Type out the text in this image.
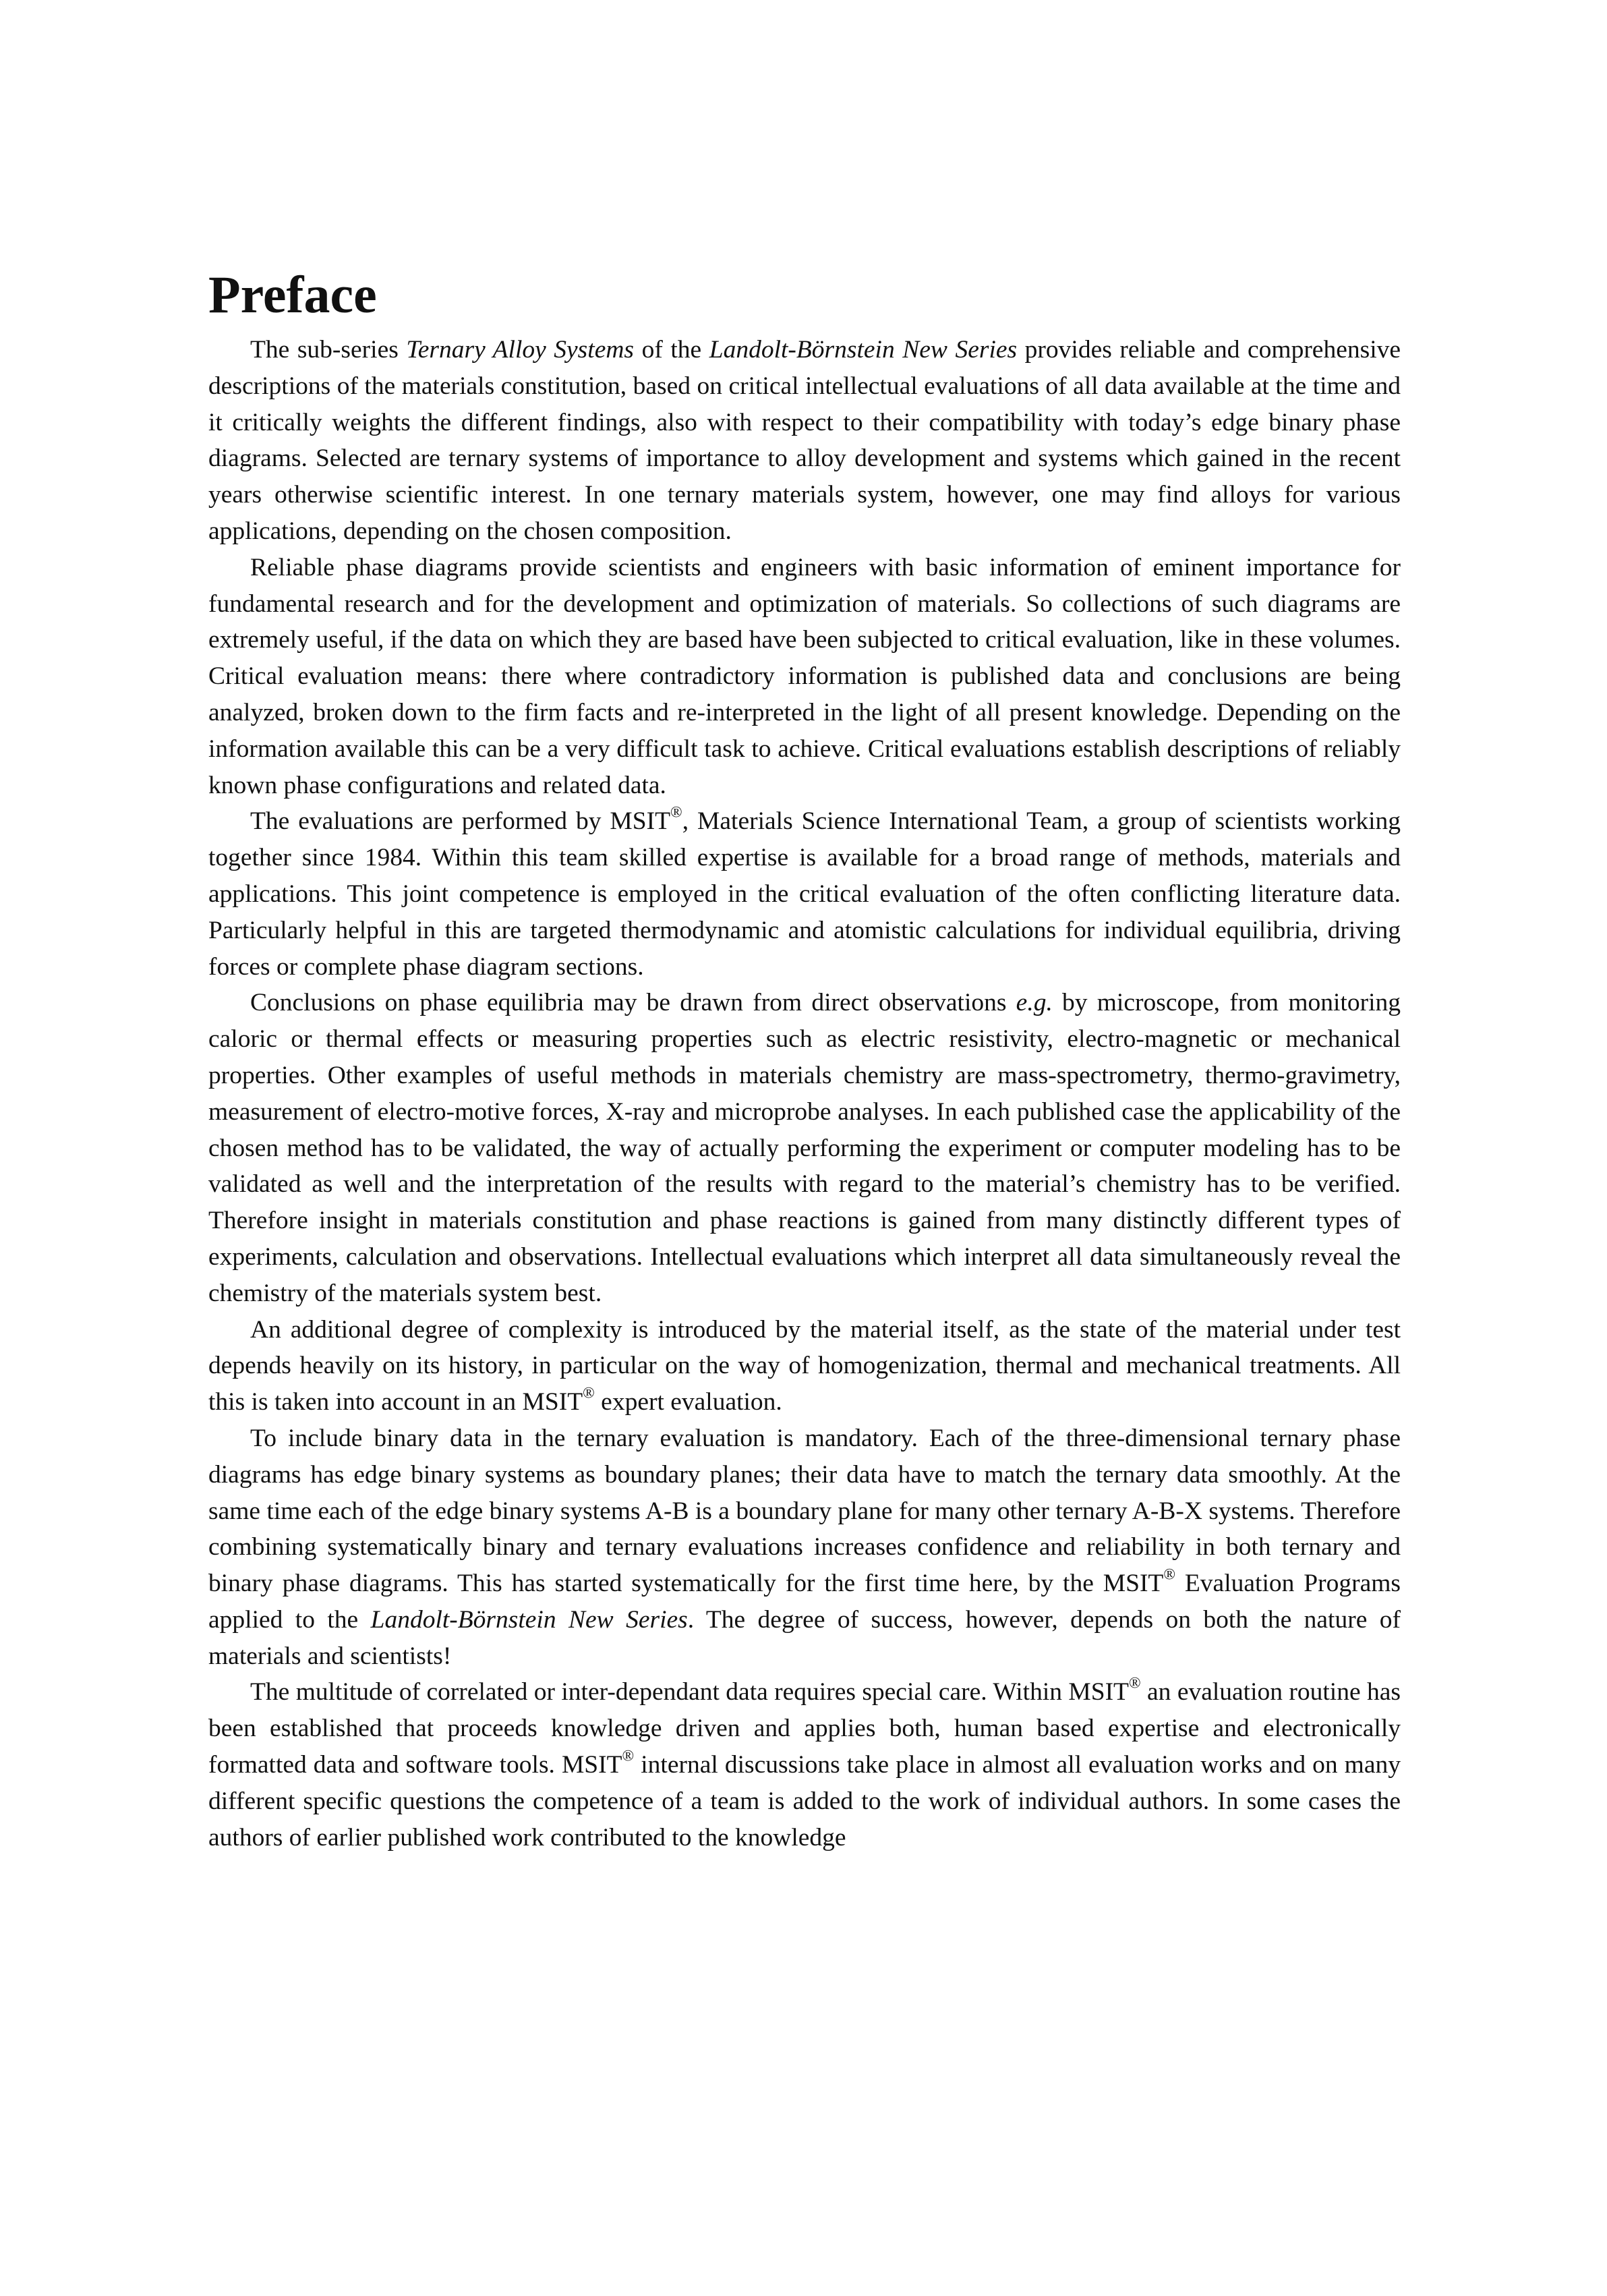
Preface

The sub-series Ternary Alloy Systems of the Landolt-Börnstein New Series provides reliable and comprehensive descriptions of the materials constitution, based on critical intellectual evaluations of all data available at the time and it critically weights the different findings, also with respect to their compatibility with today’s edge binary phase diagrams. Selected are ternary systems of importance to alloy development and systems which gained in the recent years otherwise scientific interest. In one ternary materials system, however, one may find alloys for various applications, depending on the chosen composition.

Reliable phase diagrams provide scientists and engineers with basic information of eminent importance for fundamental research and for the development and optimization of materials. So collections of such diagrams are extremely useful, if the data on which they are based have been subjected to critical evaluation, like in these volumes. Critical evaluation means: there where contradictory information is published data and conclusions are being analyzed, broken down to the firm facts and re-interpreted in the light of all present knowledge. Depending on the information available this can be a very difficult task to achieve. Critical evaluations establish descriptions of reliably known phase configurations and related data.

The evaluations are performed by MSIT®, Materials Science International Team, a group of scientists working together since 1984. Within this team skilled expertise is available for a broad range of methods, materials and applications. This joint competence is employed in the critical evaluation of the often conflicting literature data. Particularly helpful in this are targeted thermodynamic and atomistic calculations for individual equilibria, driving forces or complete phase diagram sections.

Conclusions on phase equilibria may be drawn from direct observations e.g. by microscope, from monitoring caloric or thermal effects or measuring properties such as electric resistivity, electro-magnetic or mechanical properties. Other examples of useful methods in materials chemistry are mass-spectrometry, thermo-gravimetry, measurement of electro-motive forces, X-ray and microprobe analyses. In each published case the applicability of the chosen method has to be validated, the way of actually performing the experiment or computer modeling has to be validated as well and the interpretation of the results with regard to the material’s chemistry has to be verified. Therefore insight in materials constitution and phase reactions is gained from many distinctly different types of experiments, calculation and observations. Intellectual evaluations which interpret all data simultaneously reveal the chemistry of the materials system best.

An additional degree of complexity is introduced by the material itself, as the state of the material under test depends heavily on its history, in particular on the way of homogenization, thermal and mechanical treatments. All this is taken into account in an MSIT® expert evaluation.

To include binary data in the ternary evaluation is mandatory. Each of the three-dimensional ternary phase diagrams has edge binary systems as boundary planes; their data have to match the ternary data smoothly. At the same time each of the edge binary systems A-B is a boundary plane for many other ternary A-B-X systems. Therefore combining systematically binary and ternary evaluations increases confidence and reliability in both ternary and binary phase diagrams. This has started systematically for the first time here, by the MSIT® Evaluation Programs applied to the Landolt-Börnstein New Series. The degree of success, however, depends on both the nature of materials and scientists!

The multitude of correlated or inter-dependant data requires special care. Within MSIT® an evaluation routine has been established that proceeds knowledge driven and applies both, human based expertise and electronically formatted data and software tools. MSIT® internal discussions take place in almost all evaluation works and on many different specific questions the competence of a team is added to the work of individual authors. In some cases the authors of earlier published work contributed to the knowledge
